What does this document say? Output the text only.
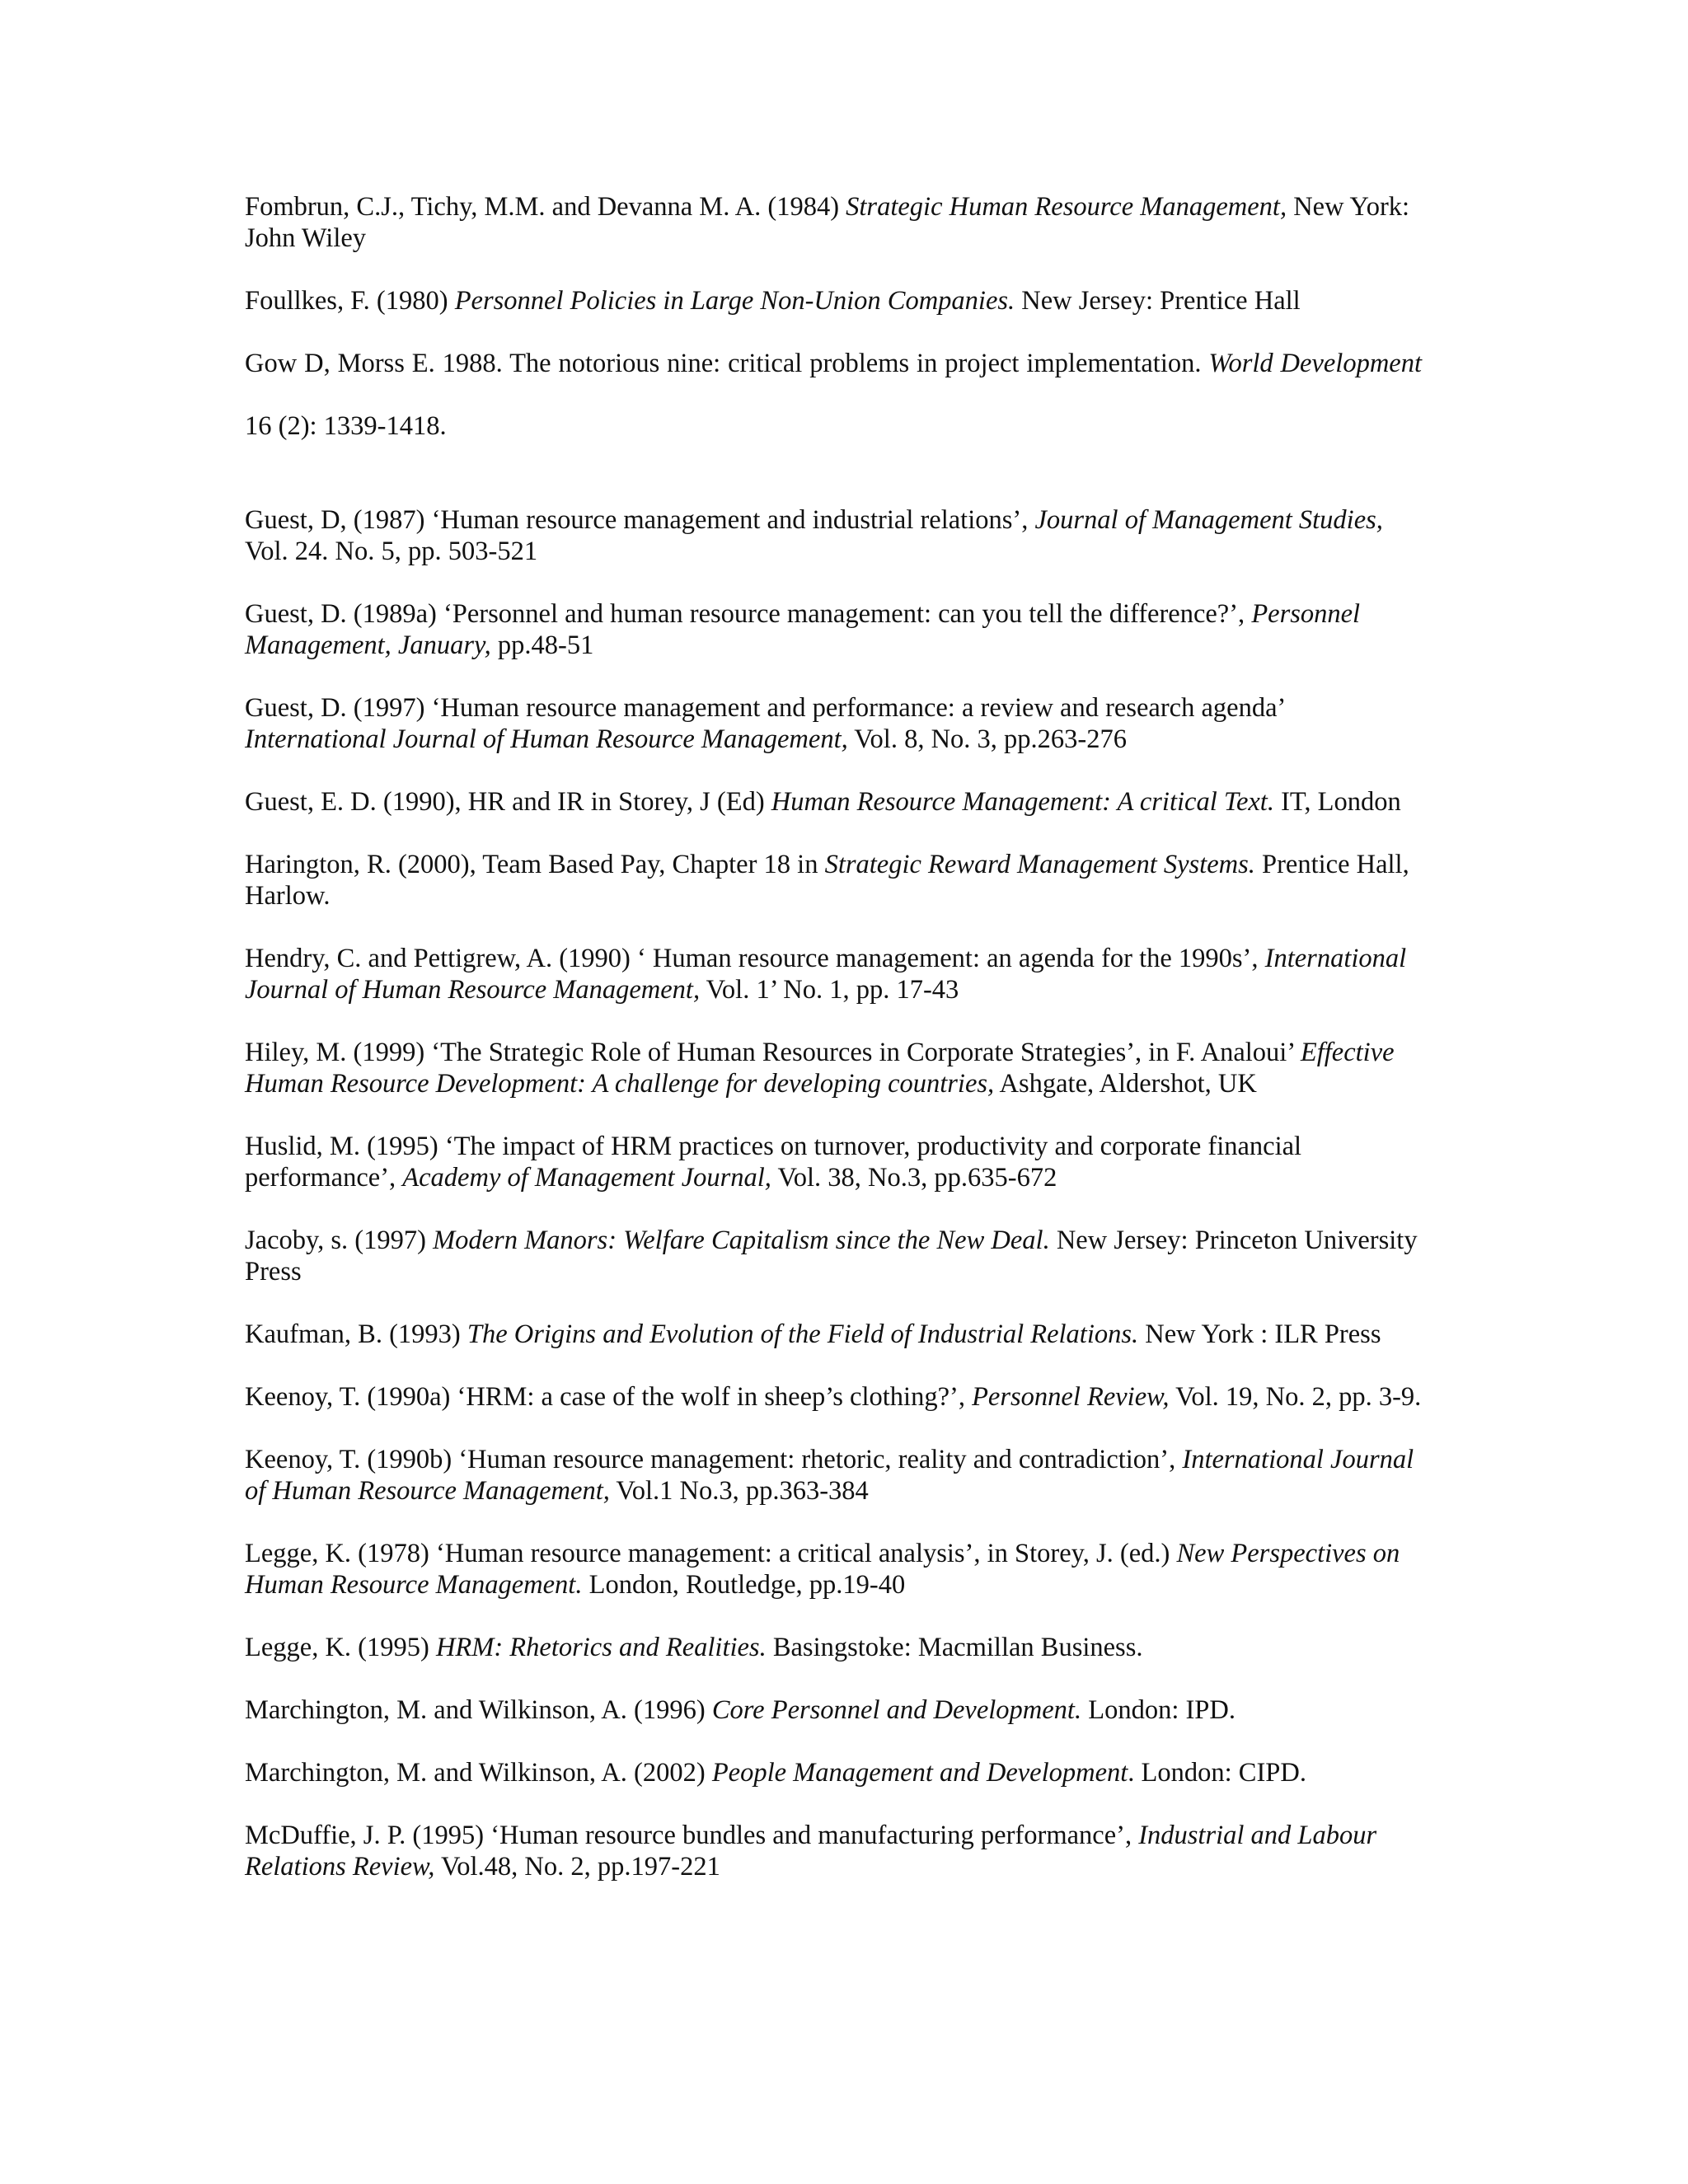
Fombrun, C.J., Tichy, M.M. and Devanna M. A. (1984) Strategic Human Resource Management, New York: John Wiley

Foullkes, F. (1980) Personnel Policies in Large Non-Union Companies. New Jersey: Prentice Hall

Gow D, Morss E. 1988. The notorious nine: critical problems in project implementation. World Development 16 (2): 1339-1418.

Guest, D, (1987) ‘Human resource management and industrial relations’, Journal of Management Studies, Vol. 24. No. 5, pp. 503-521

Guest, D. (1989a) ‘Personnel and human resource management: can you tell the difference?’, Personnel Management, January, pp.48-51

Guest, D. (1997) ‘Human resource management and performance: a review and research agenda’ International Journal of Human Resource Management, Vol. 8, No. 3, pp.263-276

Guest, E. D. (1990), HR and IR in Storey, J (Ed) Human Resource Management: A critical Text. IT, London

Harington, R. (2000), Team Based Pay, Chapter 18 in Strategic Reward Management Systems. Prentice Hall, Harlow.

Hendry, C. and Pettigrew, A. (1990) ‘ Human resource management: an agenda for the 1990s’, International Journal of Human Resource Management, Vol. 1’ No. 1, pp. 17-43

Hiley, M. (1999) ‘The Strategic Role of Human Resources in Corporate Strategies’, in F. Analoui’ Effective Human Resource Development: A challenge for developing countries, Ashgate, Aldershot, UK

Huslid, M. (1995) ‘The impact of HRM practices on turnover, productivity and corporate financial performance’, Academy of Management Journal, Vol. 38, No.3, pp.635-672

Jacoby, s. (1997) Modern Manors: Welfare Capitalism since the New Deal. New Jersey: Princeton University Press

Kaufman, B. (1993) The Origins and Evolution of the Field of Industrial Relations. New York : ILR Press

Keenoy, T. (1990a) ‘HRM: a case of the wolf in sheep’s clothing?’, Personnel Review, Vol. 19, No. 2, pp. 3-9.

Keenoy, T. (1990b) ‘Human resource management: rhetoric, reality and contradiction’, International Journal of Human Resource Management, Vol.1 No.3, pp.363-384

Legge, K. (1978) ‘Human resource management: a critical analysis’, in Storey, J. (ed.) New Perspectives on Human Resource Management. London, Routledge, pp.19-40

Legge, K. (1995) HRM: Rhetorics and Realities. Basingstoke: Macmillan Business.

Marchington, M. and Wilkinson, A. (1996) Core Personnel and Development. London: IPD.

Marchington, M. and Wilkinson, A. (2002) People Management and Development. London: CIPD.

McDuffie, J. P. (1995) ‘Human resource bundles and manufacturing performance’, Industrial and Labour Relations Review, Vol.48, No. 2, pp.197-221
